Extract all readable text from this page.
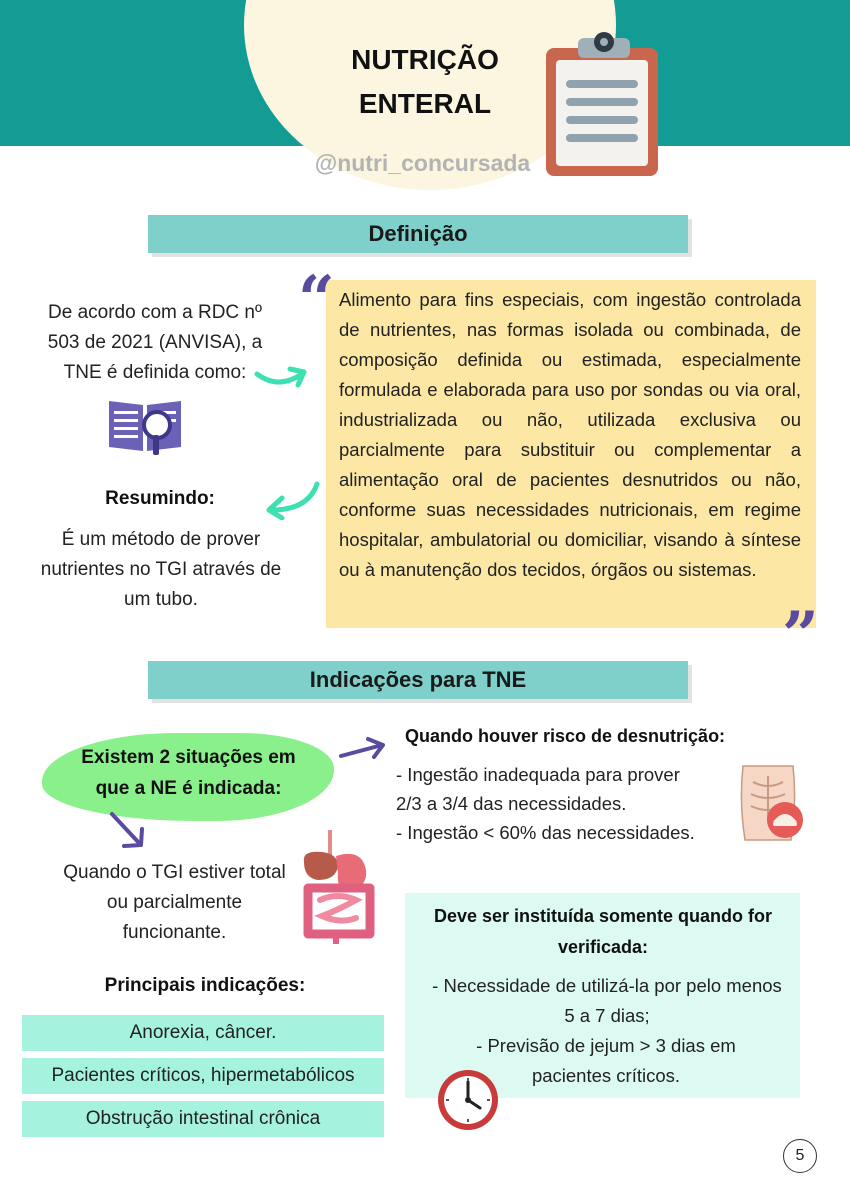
NUTRIÇÃO
ENTERAL
@nutri_concursada
Definição
De acordo com a RDC nº 503 de 2021 (ANVISA), a TNE é definida como:
“ Alimento para fins especiais, com ingestão controlada de nutrientes, nas formas isolada ou combinada, de composição definida ou estimada, especialmente formulada e elaborada para uso por sondas ou via oral, industrializada ou não, utilizada exclusiva ou parcialmente para substituir ou complementar a alimentação oral de pacientes desnutridos ou não, conforme suas necessidades nutricionais, em regime hospitalar, ambulatorial ou domiciliar, visando à síntese ou à manutenção dos tecidos, órgãos ou sistemas.
”
Resumindo:
É um método de prover nutrientes no TGI através de um tubo.
Indicações para TNE
Existem 2 situações em que a NE é indicada:
Quando houver risco de desnutrição:
- Ingestão inadequada para prover
2/3 a 3/4 das necessidades.
- Ingestão < 60% das necessidades.
Quando o TGI estiver total ou parcialmente funcionante.
Principais indicações:
Anorexia, câncer.
Pacientes críticos, hipermetabólicos
Obstrução intestinal crônica
Deve ser instituída somente quando for verificada:
- Necessidade de utilizá-la por pelo menos 5 a 7 dias;
- Previsão de jejum > 3 dias em pacientes críticos.
5
